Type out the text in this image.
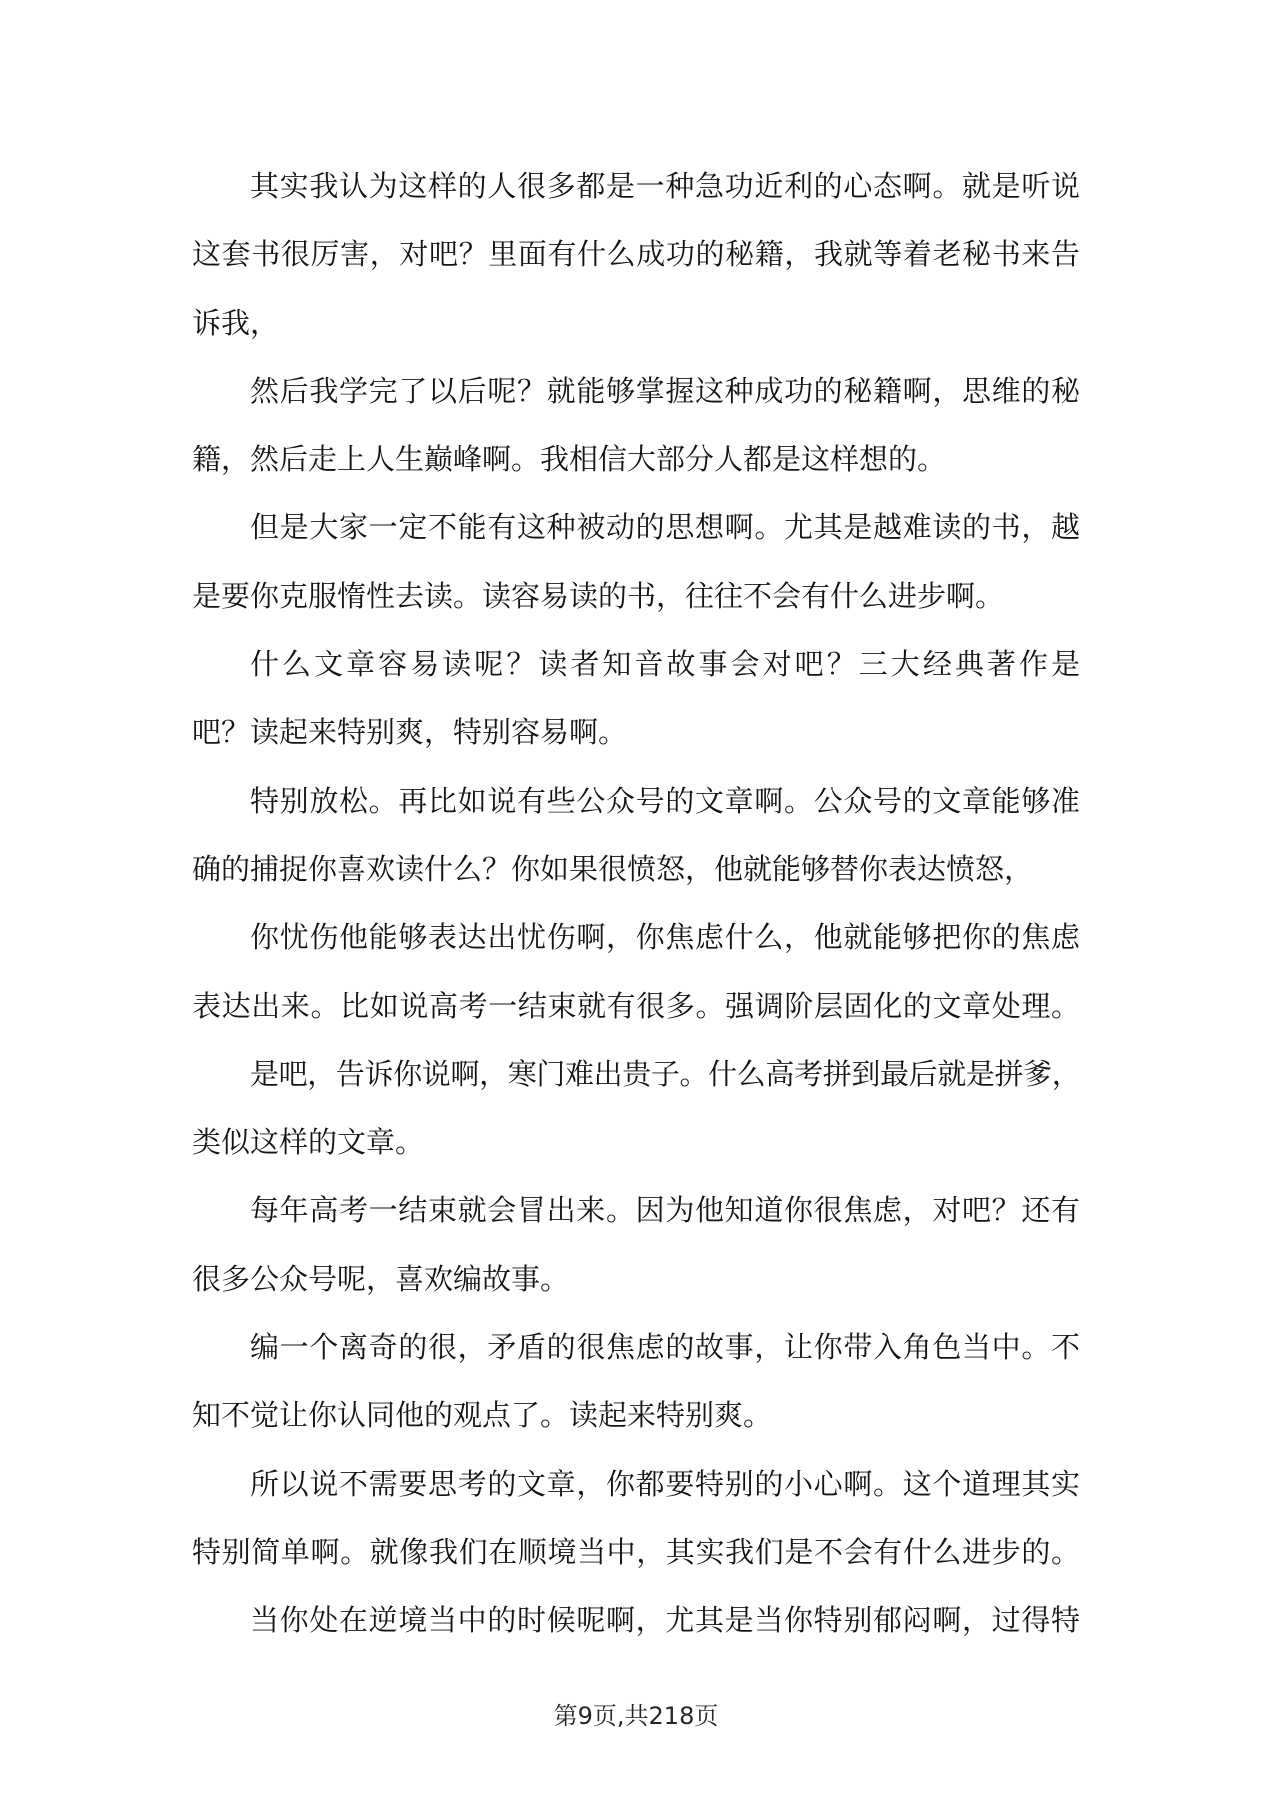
其实我认为这样的人很多都是一种急功近利的心态啊。就是听说
这套书很厉害，对吧？里面有什么成功的秘籍，我就等着老秘书来告
诉我，
然后我学完了以后呢？就能够掌握这种成功的秘籍啊，思维的秘
籍，然后走上人生巅峰啊。我相信大部分人都是这样想的。
但是大家一定不能有这种被动的思想啊。尤其是越难读的书，越
是要你克服惰性去读。读容易读的书，往往不会有什么进步啊。
什么文章容易读呢？读者知音故事会对吧？三大经典著作是
吧？读起来特别爽，特别容易啊。
特别放松。再比如说有些公众号的文章啊。公众号的文章能够准
确的捕捉你喜欢读什么？你如果很愤怒，他就能够替你表达愤怒，
你忧伤他能够表达出忧伤啊，你焦虑什么，他就能够把你的焦虑
表达出来。比如说高考一结束就有很多。强调阶层固化的文章处理。
是吧，告诉你说啊，寒门难出贵子。什么高考拼到最后就是拼爹，
类似这样的文章。
每年高考一结束就会冒出来。因为他知道你很焦虑，对吧？还有
很多公众号呢，喜欢编故事。
编一个离奇的很，矛盾的很焦虑的故事，让你带入角色当中。不
知不觉让你认同他的观点了。读起来特别爽。
所以说不需要思考的文章，你都要特别的小心啊。这个道理其实
特别简单啊。就像我们在顺境当中，其实我们是不会有什么进步的。
当你处在逆境当中的时候呢啊，尤其是当你特别郁闷啊，过得特
第9页,共218页
